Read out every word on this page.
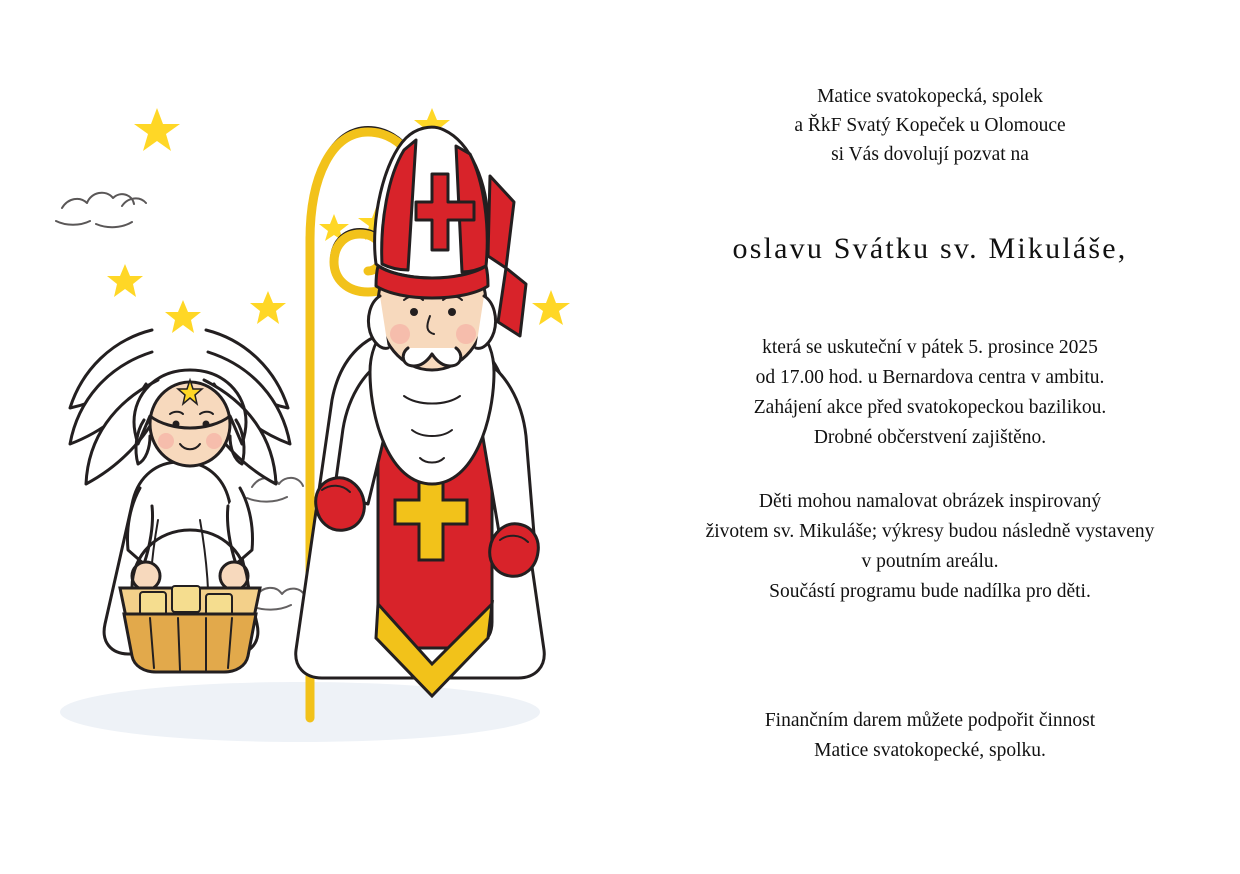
Matice svatokopecká, spolek
a ŘkF Svatý Kopeček u Olomouce
si Vás dovolují pozvat na
oslavu Svátku sv. Mikuláše,
která se uskuteční v pátek 5. prosince 2025
od 17.00 hod. u Bernardova centra v ambitu.
Zahájení akce před svatokopeckou bazilikou.
Drobné občerstvení zajištěno.
Děti mohou namalovat obrázek inspirovaný
životem sv. Mikuláše; výkresy budou následně vystaveny
v poutním areálu.
Součástí programu bude nadílka pro děti.
Finančním darem můžete podpořit činnost
Matice svatokopecké, spolku.
